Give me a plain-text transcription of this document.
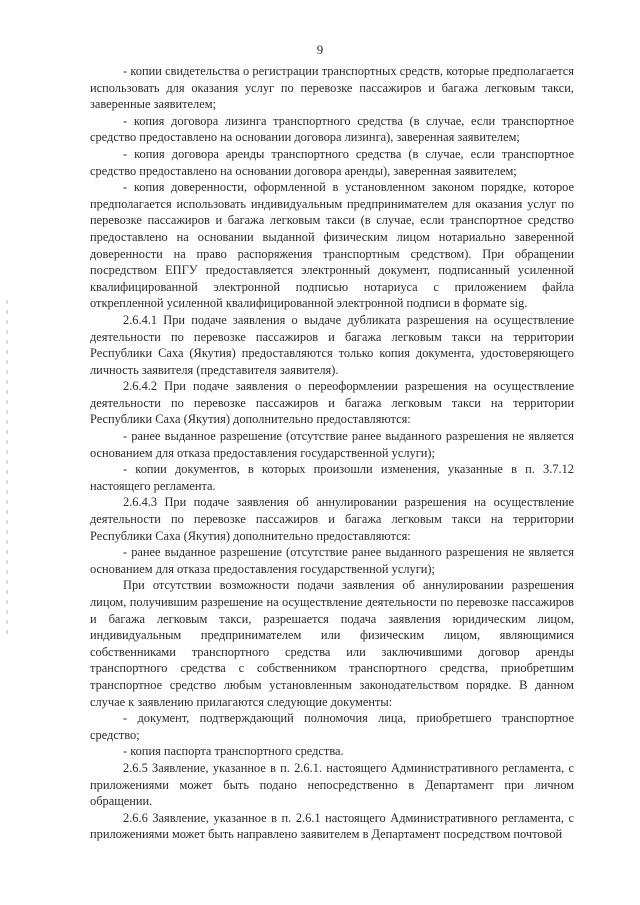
9

- копии свидетельства о регистрации транспортных средств, которые предполагается использовать для оказания услуг по перевозке пассажиров и багажа легковым такси, заверенные заявителем;

- копия договора лизинга транспортного средства (в случае, если транспортное средство предоставлено на основании договора лизинга), заверенная заявителем;

- копия договора аренды транспортного средства (в случае, если транспортное средство предоставлено на основании договора аренды), заверенная заявителем;

- копия доверенности, оформленной в установленном законом порядке, которое предполагается использовать индивидуальным предпринимателем для оказания услуг по перевозке пассажиров и багажа легковым такси (в случае, если транспортное средство предоставлено на основании выданной физическим лицом нотариально заверенной доверенности на право распоряжения транспортным средством). При обращении посредством ЕПГУ предоставляется электронный документ, подписанный усиленной квалифицированной электронной подписью нотариуса с приложением файла открепленной усиленной квалифицированной электронной подписи в формате sig.

2.6.4.1 При подаче заявления о выдаче дубликата разрешения на осуществление деятельности по перевозке пассажиров и багажа легковым такси на территории Республики Саха (Якутия) предоставляются только копия документа, удостоверяющего личность заявителя (представителя заявителя).

2.6.4.2 При подаче заявления о переоформлении разрешения на осуществление деятельности по перевозке пассажиров и багажа легковым такси на территории Республики Саха (Якутия) дополнительно предоставляются:

- ранее выданное разрешение (отсутствие ранее выданного разрешения не является основанием для отказа предоставления государственной услуги);

- копии документов, в которых произошли изменения, указанные в п. 3.7.12 настоящего регламента.

2.6.4.3 При подаче заявления об аннулировании разрешения на осуществление деятельности по перевозке пассажиров и багажа легковым такси на территории Республики Саха (Якутия) дополнительно предоставляются:

- ранее выданное разрешение (отсутствие ранее выданного разрешения не является основанием для отказа предоставления государственной услуги);

При отсутствии возможности подачи заявления об аннулировании разрешения лицом, получившим разрешение на осуществление деятельности по перевозке пассажиров и багажа легковым такси, разрешается подача заявления юридическим лицом, индивидуальным предпринимателем или физическим лицом, являющимися собственниками транспортного средства или заключившими договор аренды транспортного средства с собственником транспортного средства, приобретшим транспортное средство любым установленным законодательством порядке. В данном случае к заявлению прилагаются следующие документы:

- документ, подтверждающий полномочия лица, приобретшего транспортное средство;

- копия паспорта транспортного средства.

2.6.5 Заявление, указанное в п. 2.6.1. настоящего Административного регламента, с приложениями может быть подано непосредственно в Департамент при личном обращении.

2.6.6 Заявление, указанное в п. 2.6.1 настоящего Административного регламента, с приложениями может быть направлено заявителем в Департамент посредством почтовой
